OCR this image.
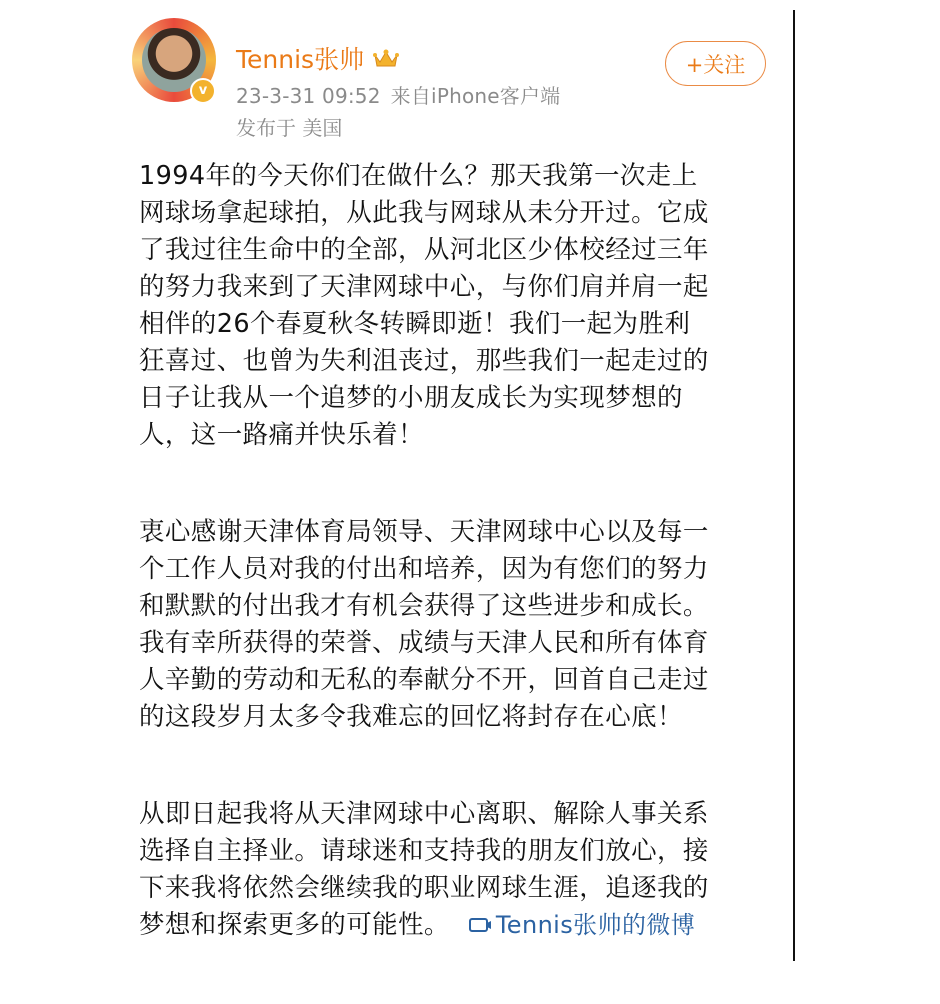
v
Tennis张帅
23-3-31 09:52 来自iPhone客户端
发布于 美国
+关注
1994年的今天你们在做什么？那天我第一次走上
网球场拿起球拍，从此我与网球从未分开过。它成
了我过往生命中的全部，从河北区少体校经过三年
的努力我来到了天津网球中心，与你们肩并肩一起
相伴的26个春夏秋冬转瞬即逝！我们一起为胜利
狂喜过、也曾为失利沮丧过，那些我们一起走过的
日子让我从一个追梦的小朋友成长为实现梦想的
人，这一路痛并快乐着！
衷心感谢天津体育局领导、天津网球中心以及每一
个工作人员对我的付出和培养，因为有您们的努力
和默默的付出我才有机会获得了这些进步和成长。
我有幸所获得的荣誉、成绩与天津人民和所有体育
人辛勤的劳动和无私的奉献分不开，回首自己走过
的这段岁月太多令我难忘的回忆将封存在心底！
从即日起我将从天津网球中心离职、解除人事关系
选择自主择业。请球迷和支持我的朋友们放心，接
下来我将依然会继续我的职业网球生涯，追逐我的
梦想和探索更多的可能性。 Tennis张帅的微博
